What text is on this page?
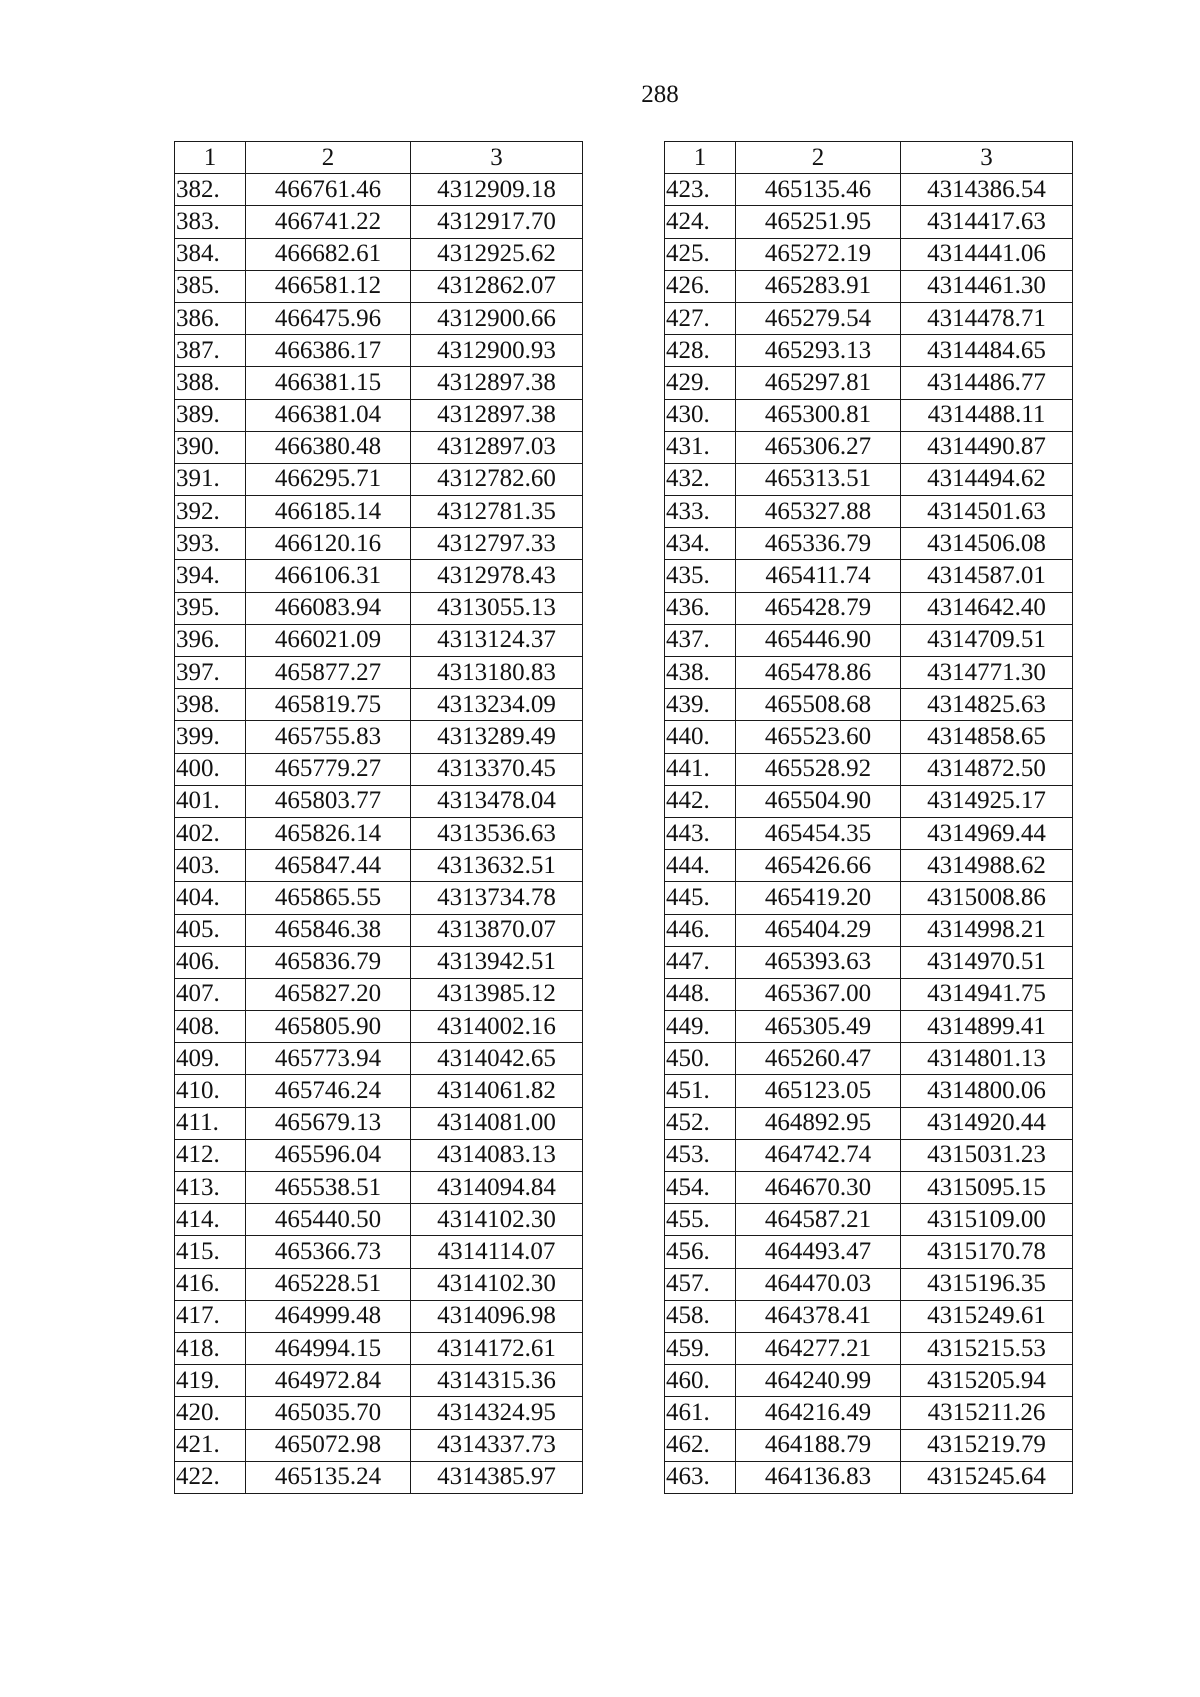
288
1	2	3
382.	466761.46	4312909.18
383.	466741.22	4312917.70
384.	466682.61	4312925.62
385.	466581.12	4312862.07
386.	466475.96	4312900.66
387.	466386.17	4312900.93
388.	466381.15	4312897.38
389.	466381.04	4312897.38
390.	466380.48	4312897.03
391.	466295.71	4312782.60
392.	466185.14	4312781.35
393.	466120.16	4312797.33
394.	466106.31	4312978.43
395.	466083.94	4313055.13
396.	466021.09	4313124.37
397.	465877.27	4313180.83
398.	465819.75	4313234.09
399.	465755.83	4313289.49
400.	465779.27	4313370.45
401.	465803.77	4313478.04
402.	465826.14	4313536.63
403.	465847.44	4313632.51
404.	465865.55	4313734.78
405.	465846.38	4313870.07
406.	465836.79	4313942.51
407.	465827.20	4313985.12
408.	465805.90	4314002.16
409.	465773.94	4314042.65
410.	465746.24	4314061.82
411.	465679.13	4314081.00
412.	465596.04	4314083.13
413.	465538.51	4314094.84
414.	465440.50	4314102.30
415.	465366.73	4314114.07
416.	465228.51	4314102.30
417.	464999.48	4314096.98
418.	464994.15	4314172.61
419.	464972.84	4314315.36
420.	465035.70	4314324.95
421.	465072.98	4314337.73
422.	465135.24	4314385.97
1	2	3
423.	465135.46	4314386.54
424.	465251.95	4314417.63
425.	465272.19	4314441.06
426.	465283.91	4314461.30
427.	465279.54	4314478.71
428.	465293.13	4314484.65
429.	465297.81	4314486.77
430.	465300.81	4314488.11
431.	465306.27	4314490.87
432.	465313.51	4314494.62
433.	465327.88	4314501.63
434.	465336.79	4314506.08
435.	465411.74	4314587.01
436.	465428.79	4314642.40
437.	465446.90	4314709.51
438.	465478.86	4314771.30
439.	465508.68	4314825.63
440.	465523.60	4314858.65
441.	465528.92	4314872.50
442.	465504.90	4314925.17
443.	465454.35	4314969.44
444.	465426.66	4314988.62
445.	465419.20	4315008.86
446.	465404.29	4314998.21
447.	465393.63	4314970.51
448.	465367.00	4314941.75
449.	465305.49	4314899.41
450.	465260.47	4314801.13
451.	465123.05	4314800.06
452.	464892.95	4314920.44
453.	464742.74	4315031.23
454.	464670.30	4315095.15
455.	464587.21	4315109.00
456.	464493.47	4315170.78
457.	464470.03	4315196.35
458.	464378.41	4315249.61
459.	464277.21	4315215.53
460.	464240.99	4315205.94
461.	464216.49	4315211.26
462.	464188.79	4315219.79
463.	464136.83	4315245.64
